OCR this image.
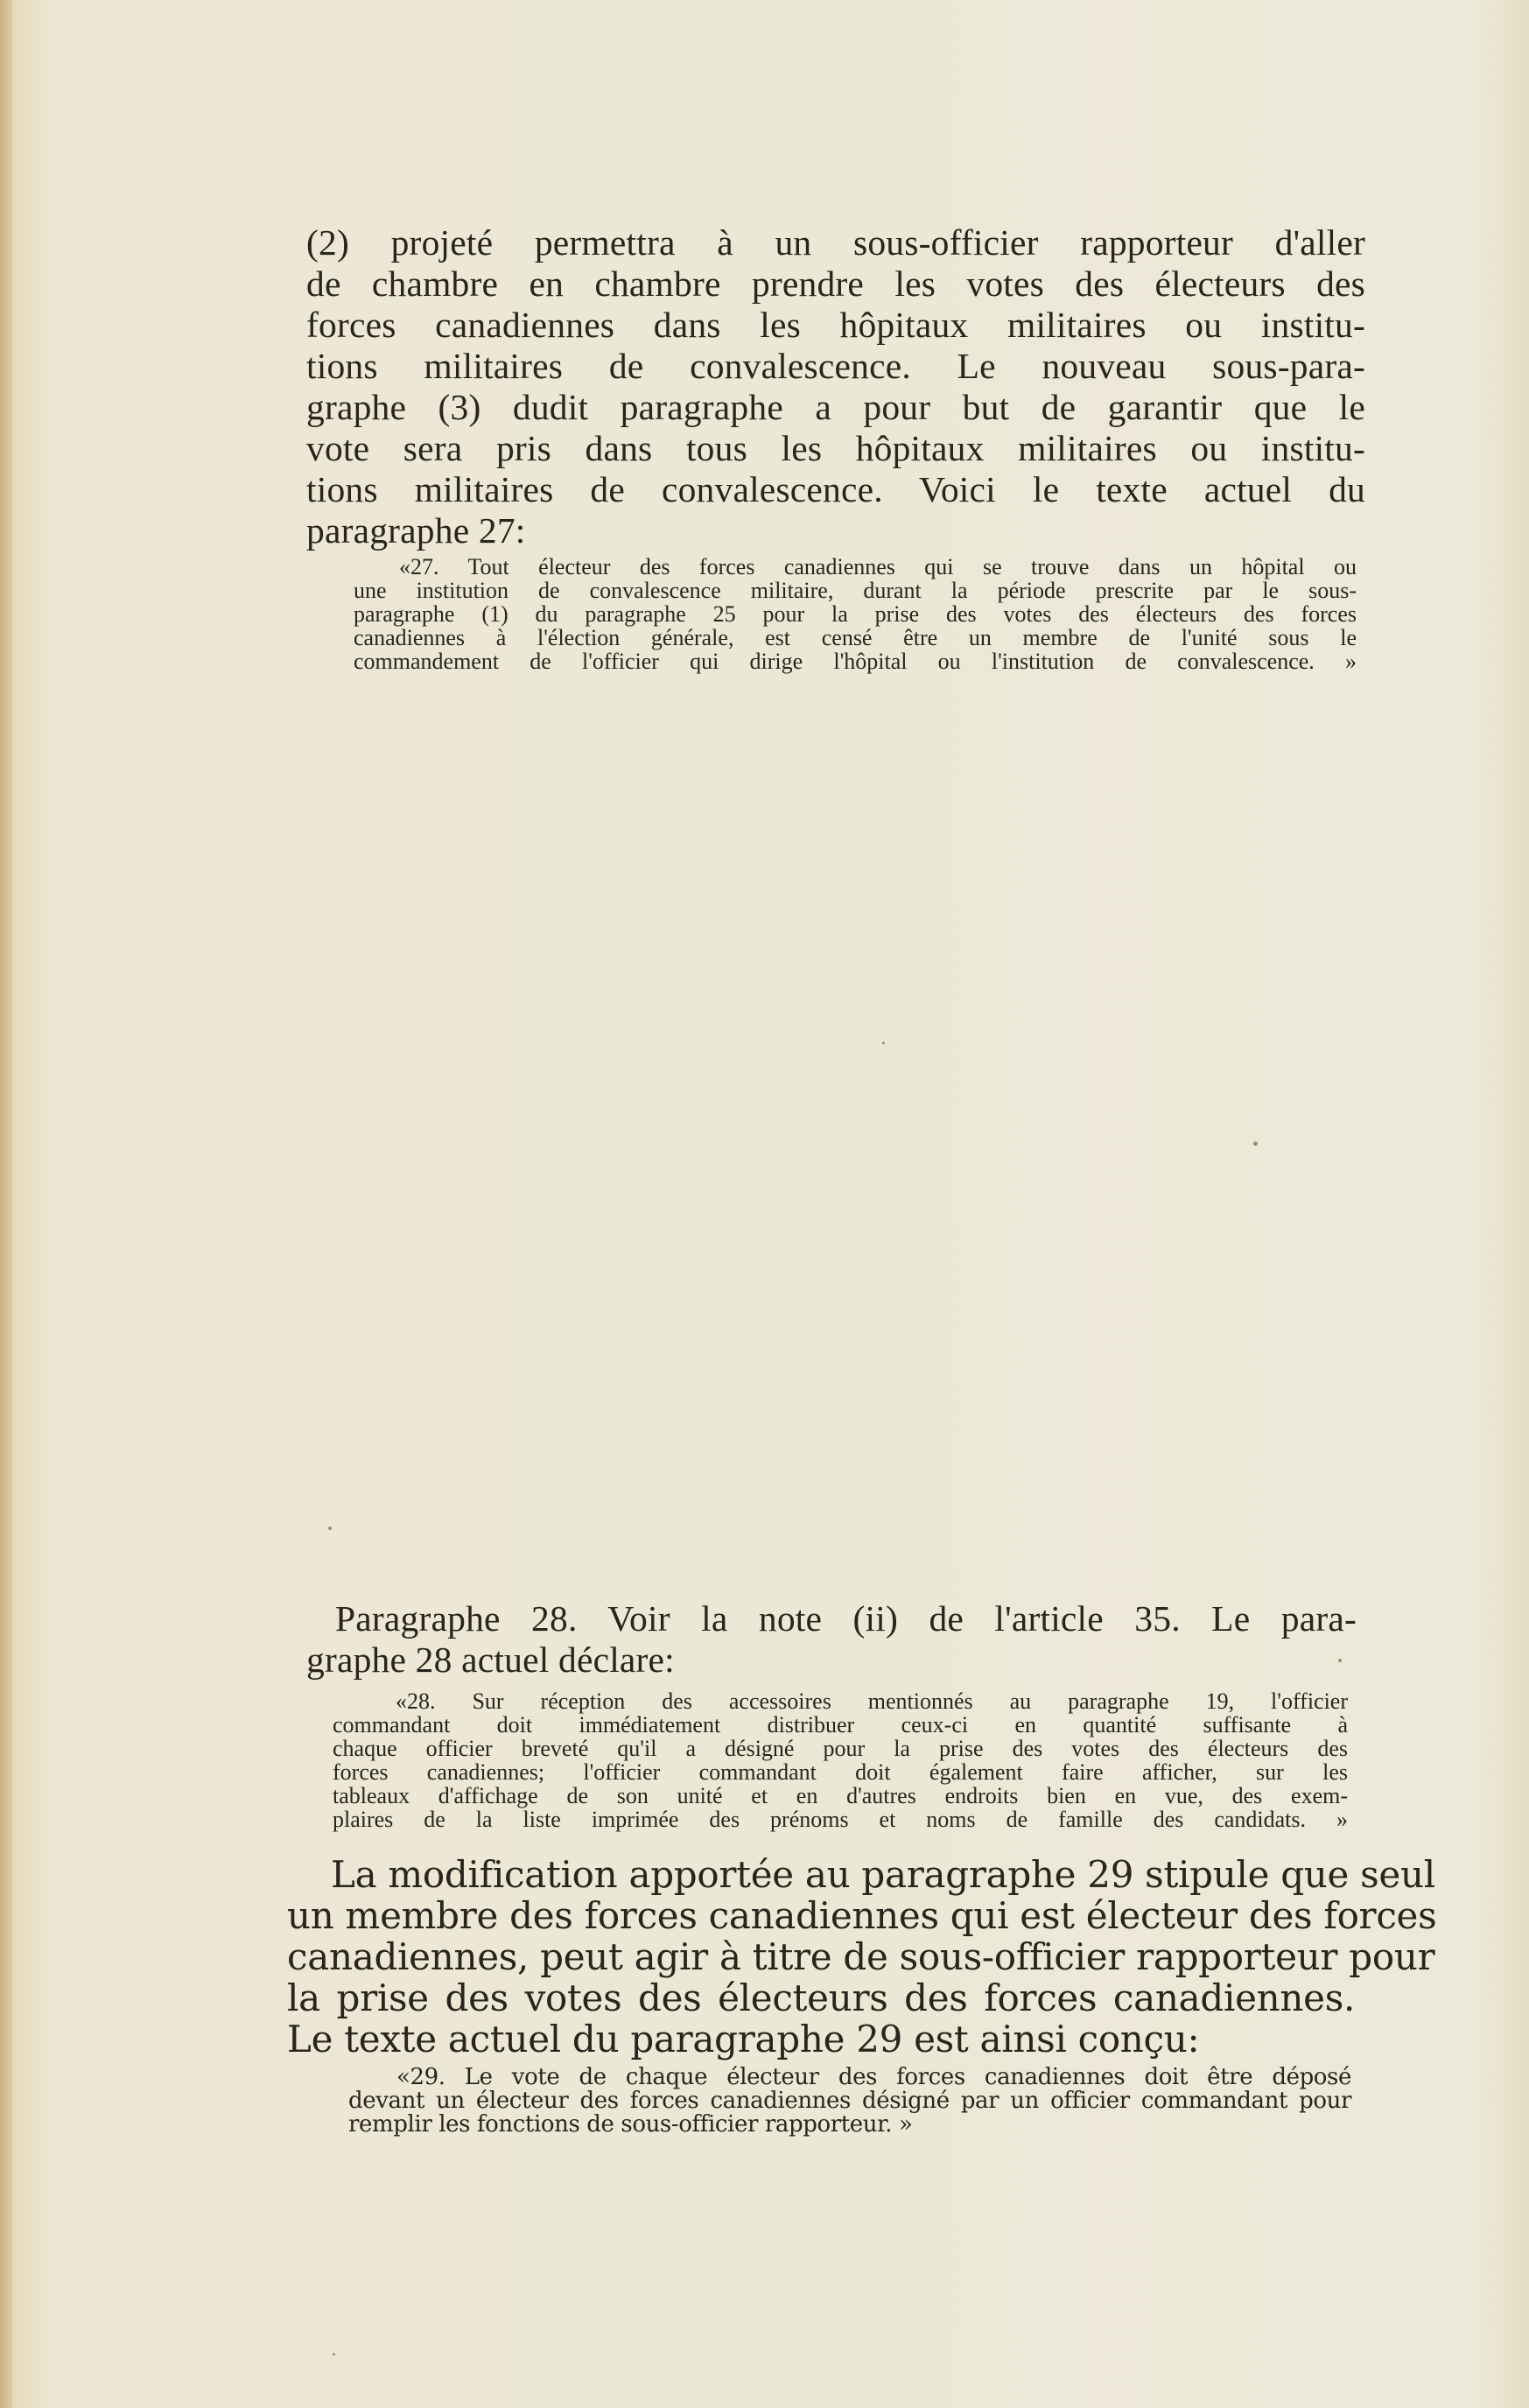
(2) projeté permettra à un sous-officier rapporteur d'aller
de chambre en chambre prendre les votes des électeurs des
forces canadiennes dans les hôpitaux militaires ou institu-
tions militaires de convalescence. Le nouveau sous-para-
graphe (3) dudit paragraphe a pour but de garantir que le
vote sera pris dans tous les hôpitaux militaires ou institu-
tions militaires de convalescence. Voici le texte actuel du
paragraphe 27:
«27. Tout électeur des forces canadiennes qui se trouve dans un hôpital ou
une institution de convalescence militaire, durant la période prescrite par le sous-
paragraphe (1) du paragraphe 25 pour la prise des votes des électeurs des forces
canadiennes à l'élection générale, est censé être un membre de l'unité sous le
commandement de l'officier qui dirige l'hôpital ou l'institution de convalescence. »
Paragraphe 28. Voir la note (ii) de l'article 35. Le para-
graphe 28 actuel déclare:
«28. Sur réception des accessoires mentionnés au paragraphe 19, l'officier
commandant doit immédiatement distribuer ceux-ci en quantité suffisante à
chaque officier breveté qu'il a désigné pour la prise des votes des électeurs des
forces canadiennes; l'officier commandant doit également faire afficher, sur les
tableaux d'affichage de son unité et en d'autres endroits bien en vue, des exem-
plaires de la liste imprimée des prénoms et noms de famille des candidats. »
La modification apportée au paragraphe 29 stipule que seul
un membre des forces canadiennes qui est électeur des forces
canadiennes, peut agir à titre de sous-officier rapporteur pour
la prise des votes des électeurs des forces canadiennes.
Le texte actuel du paragraphe 29 est ainsi conçu:
«29. Le vote de chaque électeur des forces canadiennes doit être déposé
devant un électeur des forces canadiennes désigné par un officier commandant pour
remplir les fonctions de sous-officier rapporteur. »
